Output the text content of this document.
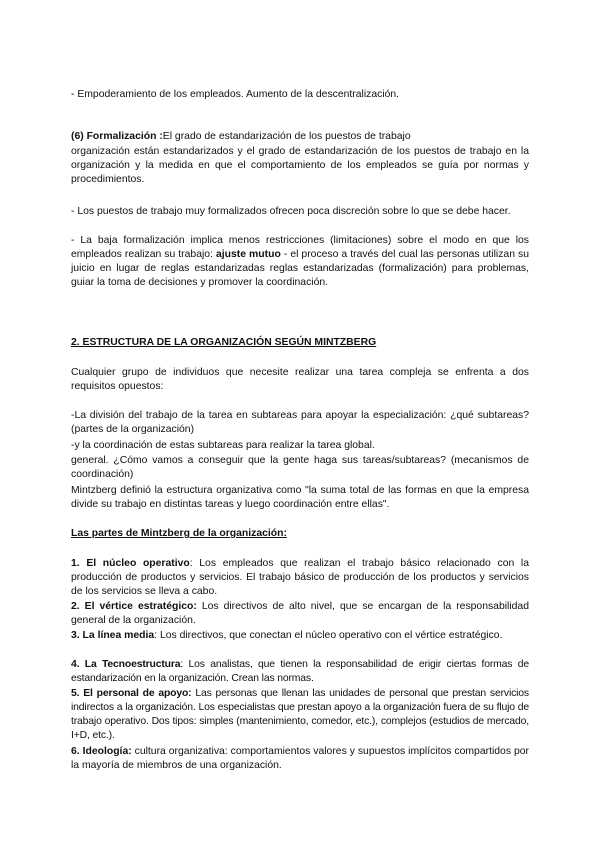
- Empoderamiento de los empleados. Aumento de la descentralización.

(6) Formalización :El grado de estandarización de los puestos de trabajo

organización están estandarizados y el grado de estandarización de los puestos de trabajo en la organización y la medida en que el comportamiento de los empleados se guía por normas y procedimientos.

- Los puestos de trabajo muy formalizados ofrecen poca discreción sobre lo que se debe hacer.

- La baja formalización implica menos restricciones (limitaciones) sobre el modo en que los empleados realizan su trabajo: ajuste mutuo - el proceso a través del cual las personas utilizan su juicio en lugar de reglas estandarizadas reglas estandarizadas (formalización) para problemas, guiar la toma de decisiones y promover la coordinación.

2. ESTRUCTURA DE LA ORGANIZACIÓN SEGÚN MINTZBERG

Cualquier grupo de individuos que necesite realizar una tarea compleja se enfrenta a dos requisitos opuestos:

-La división del trabajo de la tarea en subtareas para apoyar la especialización: ¿qué subtareas? (partes de la organización)

-y la coordinación de estas subtareas para realizar la tarea global.

general. ¿Cómo vamos a conseguir que la gente haga sus tareas/subtareas? (mecanismos de coordinación)

Mintzberg definió la estructura organizativa como "la suma total de las formas en que la empresa divide su trabajo en distintas tareas y luego coordinación entre ellas".

Las partes de Mintzberg de la organización:

1. El núcleo operativo: Los empleados que realizan el trabajo básico relacionado con la producción de productos y servicios. El trabajo básico de producción de los productos y servicios de los servicios se lleva a cabo.

2. El vértice estratégico: Los directivos de alto nivel, que se encargan de la responsabilidad general de la organización.

3. La línea media: Los directivos, que conectan el núcleo operativo con el vértice estratégico.

4. La Tecnoestructura: Los analistas, que tienen la responsabilidad de erigir ciertas formas de estandarización en la organización. Crean las normas.

5. El personal de apoyo: Las personas que llenan las unidades de personal que prestan servicios indirectos a la organización. Los especialistas que prestan apoyo a la organización fuera de su flujo de trabajo operativo. Dos tipos: simples (mantenimiento, comedor, etc.), complejos (estudios de mercado, I+D, etc.).

6. Ideología: cultura organizativa: comportamientos valores y supuestos implícitos compartidos por la mayoría de miembros de una organización.
